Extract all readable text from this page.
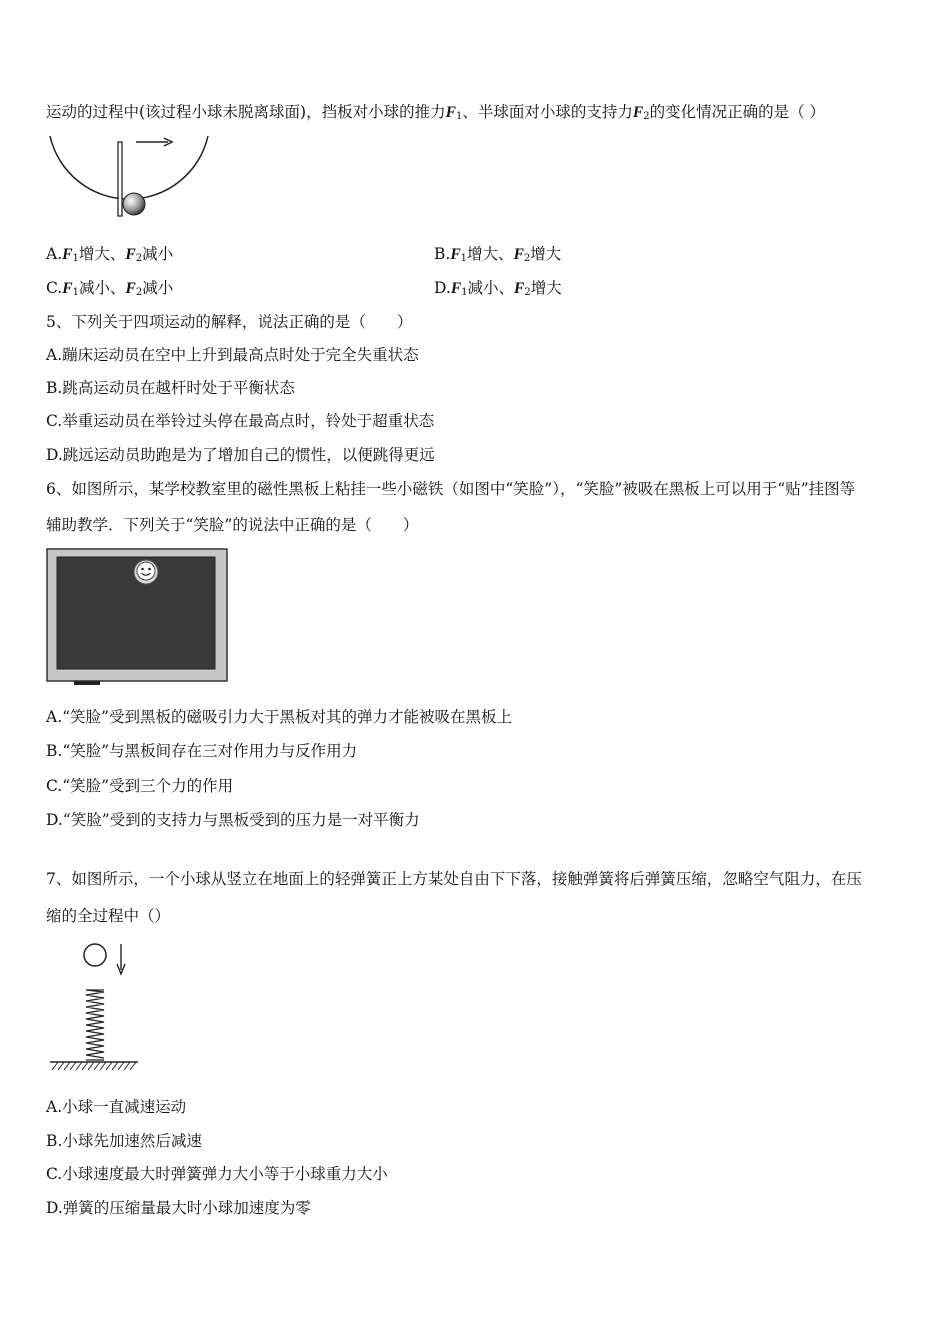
运动的过程中(该过程小球未脱离球面)，挡板对小球的推力$F_1$、半球面对小球的支持力$F_2$的变化情况正确的是（ ）
$A.F_1$增大、$F_2$减小	$B.F_1$增大、$F_2$增大
$C.F_1$减小、$F_2$减小	$D.F_1$减小、$F_2$增大
5、下列关于四项运动的解释，说法正确的是（　　）
A.蹦床运动员在空中上升到最高点时处于完全失重状态
B.跳高运动员在越杆时处于平衡状态
C.举重运动员在举铃过头停在最高点时，铃处于超重状态
D.跳远运动员助跑是为了增加自己的惯性，以便跳得更远
6、如图所示，某学校教室里的磁性黑板上粘挂一些小磁铁（如图中“笑脸”），“笑脸”被吸在黑板上可以用于“贴”挂图等
辅助教学．下列关于“笑脸”的说法中正确的是（　　）
A.“笑脸”受到黑板的磁吸引力大于黑板对其的弹力才能被吸在黑板上
B.“笑脸”与黑板间存在三对作用力与反作用力
C.“笑脸”受到三个力的作用
D.“笑脸”受到的支持力与黑板受到的压力是一对平衡力
7、如图所示，一个小球从竖立在地面上的轻弹簧正上方某处自由下下落，接触弹簧将后弹簧压缩，忽略空气阻力，在压
缩的全过程中（）
A.小球一直减速运动
B.小球先加速然后减速
C.小球速度最大时弹簧弹力大小等于小球重力大小
D.弹簧的压缩量最大时小球加速度为零
